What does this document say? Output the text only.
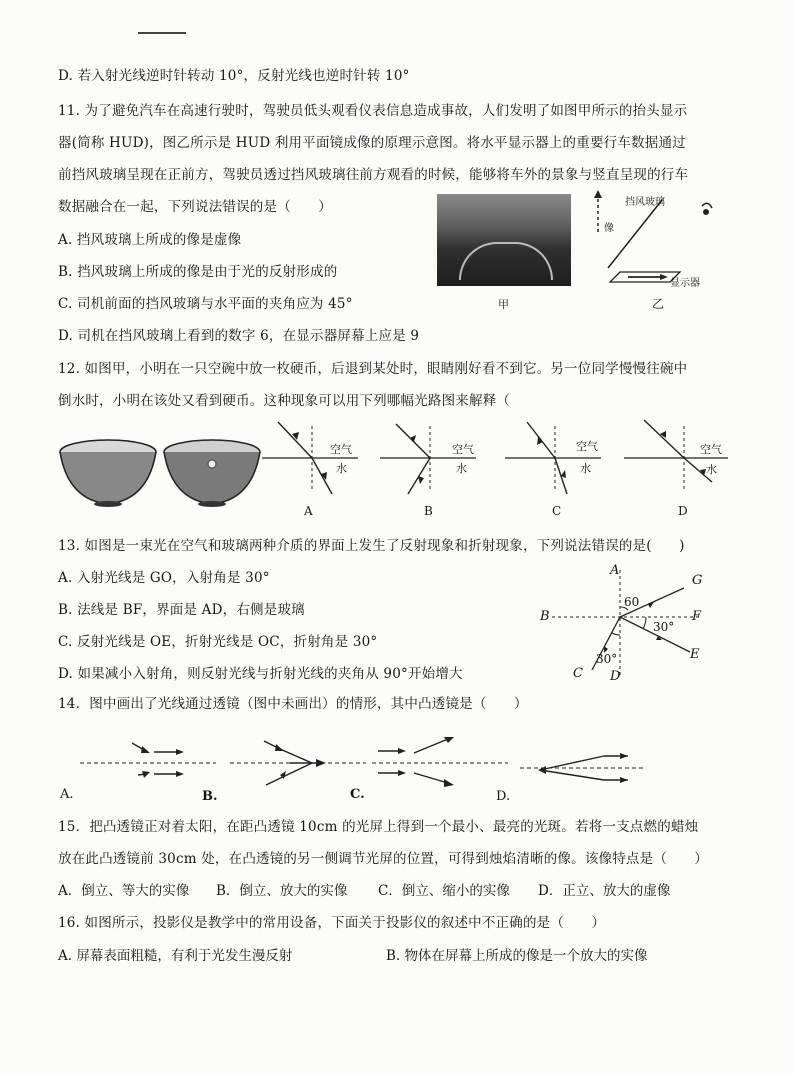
D. 若入射光线逆时针转动 10°，反射光线也逆时针转 10°
11. 为了避免汽车在高速行驶时，驾驶员低头观看仪表信息造成事故，人们发明了如图甲所示的抬头显示
器(简称 HUD)，图乙所示是 HUD 利用平面镜成像的原理示意图。将水平显示器上的重要行车数据通过
前挡风玻璃呈现在正前方，驾驶员透过挡风玻璃往前方观看的时候，能够将车外的景象与竖直呈现的行车
数据融合在一起，下列说法错误的是（　　）
A. 挡风玻璃上所成的像是虚像
B. 挡风玻璃上所成的像是由于光的反射形成的
C. 司机前面的挡风玻璃与水平面的夹角应为 45°
D. 司机在挡风玻璃上看到的数字 6，在显示器屏幕上应是 9
甲
挡风玻璃
像
显示器
乙
12. 如图甲，小明在一只空碗中放一枚硬币，后退到某处时，眼睛刚好看不到它。另一位同学慢慢往碗中
倒水时，小明在该处又看到硬币。这种现象可以用下列哪幅光路图来解释（
空气
水
空气
水
空气
水
空气
水
A	B	C	D
13. 如图是一束光在空气和玻璃两种介质的界面上发生了反射现象和折射现象，下列说法错误的是(　　)
A. 入射光线是 GO，入射角是 30°
B. 法线是 BF，界面是 AD，右侧是玻璃
C. 反射光线是 OE，折射光线是 OC，折射角是 30°
D. 如果减小入射角，则反射光线与折射光线的夹角从 90°开始增大
A
G
B	F
E
C D
60
30°
30°
14．图中画出了光线通过透镜（图中未画出）的情形，其中凸透镜是（　　）
A.	B.	C.	D.
15．把凸透镜正对着太阳，在距凸透镜 10cm 的光屏上得到一个最小、最亮的光斑。若将一支点燃的蜡烛
放在此凸透镜前 30cm 处，在凸透镜的另一侧调节光屏的位置，可得到烛焰清晰的像。该像特点是（　　）
A．倒立、等大的实像 B．倒立、放大的实像 C．倒立、缩小的实像 D．正立、放大的虚像
16. 如图所示，投影仪是教学中的常用设备，下面关于投影仪的叙述中不正确的是（　　）
A. 屏幕表面粗糙，有利于光发生漫反射	B. 物体在屏幕上所成的像是一个放大的实像
